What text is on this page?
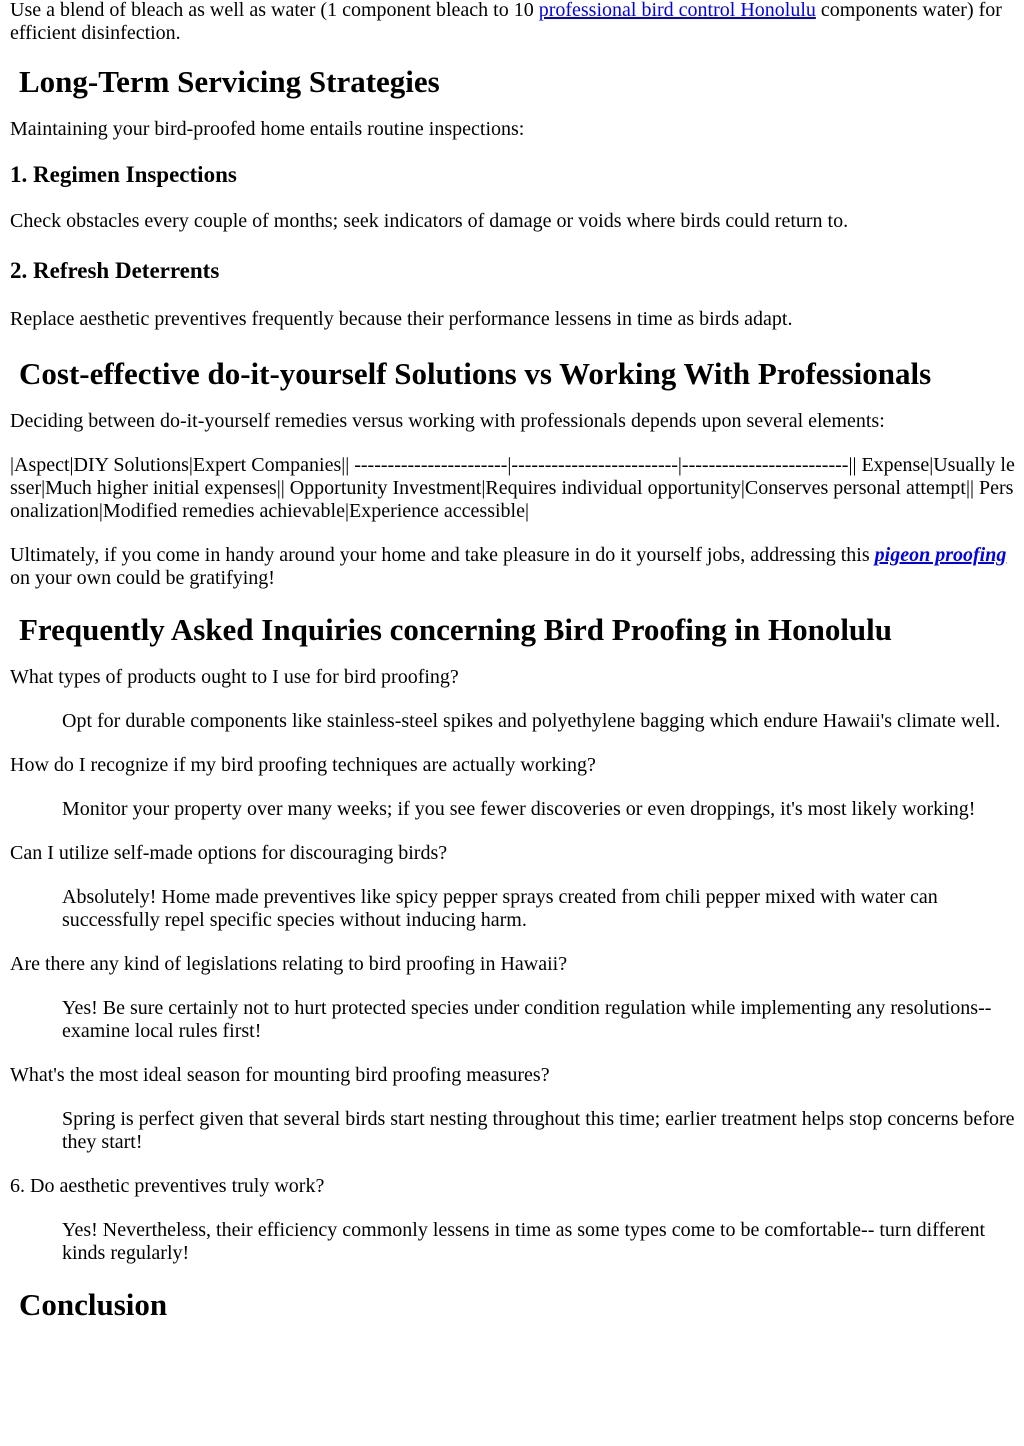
Use a blend of bleach as well as water (1 component bleach to 10 professional bird control Honolulu components water) for efficient disinfection.

Long-Term Servicing Strategies

Maintaining your bird-proofed home entails routine inspections:

1. Regimen Inspections

Check obstacles every couple of months; seek indicators of damage or voids where birds could return to.

2. Refresh Deterrents

Replace aesthetic preventives frequently because their performance lessens in time as birds adapt.

Cost-effective do-it-yourself Solutions vs Working With Professionals

Deciding between do-it-yourself remedies versus working with professionals depends upon several elements:

|Aspect|DIY Solutions|Expert Companies|| -----------------------|-------------------------|-------------------------|| Expense|Usually lesser|Much higher initial expenses|| Opportunity Investment|Requires individual opportunity|Conserves personal attempt|| Personalization|Modified remedies achievable|Experience accessible|

Ultimately, if you come in handy around your home and take pleasure in do it yourself jobs, addressing this pigeon proofing on your own could be gratifying!

Frequently Asked Inquiries concerning Bird Proofing in Honolulu

What types of products ought to I use for bird proofing?

Opt for durable components like stainless-steel spikes and polyethylene bagging which endure Hawaii's climate well.

How do I recognize if my bird proofing techniques are actually working?

Monitor your property over many weeks; if you see fewer discoveries or even droppings, it's most likely working!

Can I utilize self-made options for discouraging birds?

Absolutely! Home made preventives like spicy pepper sprays created from chili pepper mixed with water can successfully repel specific species without inducing harm.

Are there any kind of legislations relating to bird proofing in Hawaii?

Yes! Be sure certainly not to hurt protected species under condition regulation while implementing any resolutions-- examine local rules first!

What's the most ideal season for mounting bird proofing measures?

Spring is perfect given that several birds start nesting throughout this time; earlier treatment helps stop concerns before they start!

6. Do aesthetic preventives truly work?

Yes! Nevertheless, their efficiency commonly lessens in time as some types come to be comfortable-- turn different kinds regularly!

Conclusion
